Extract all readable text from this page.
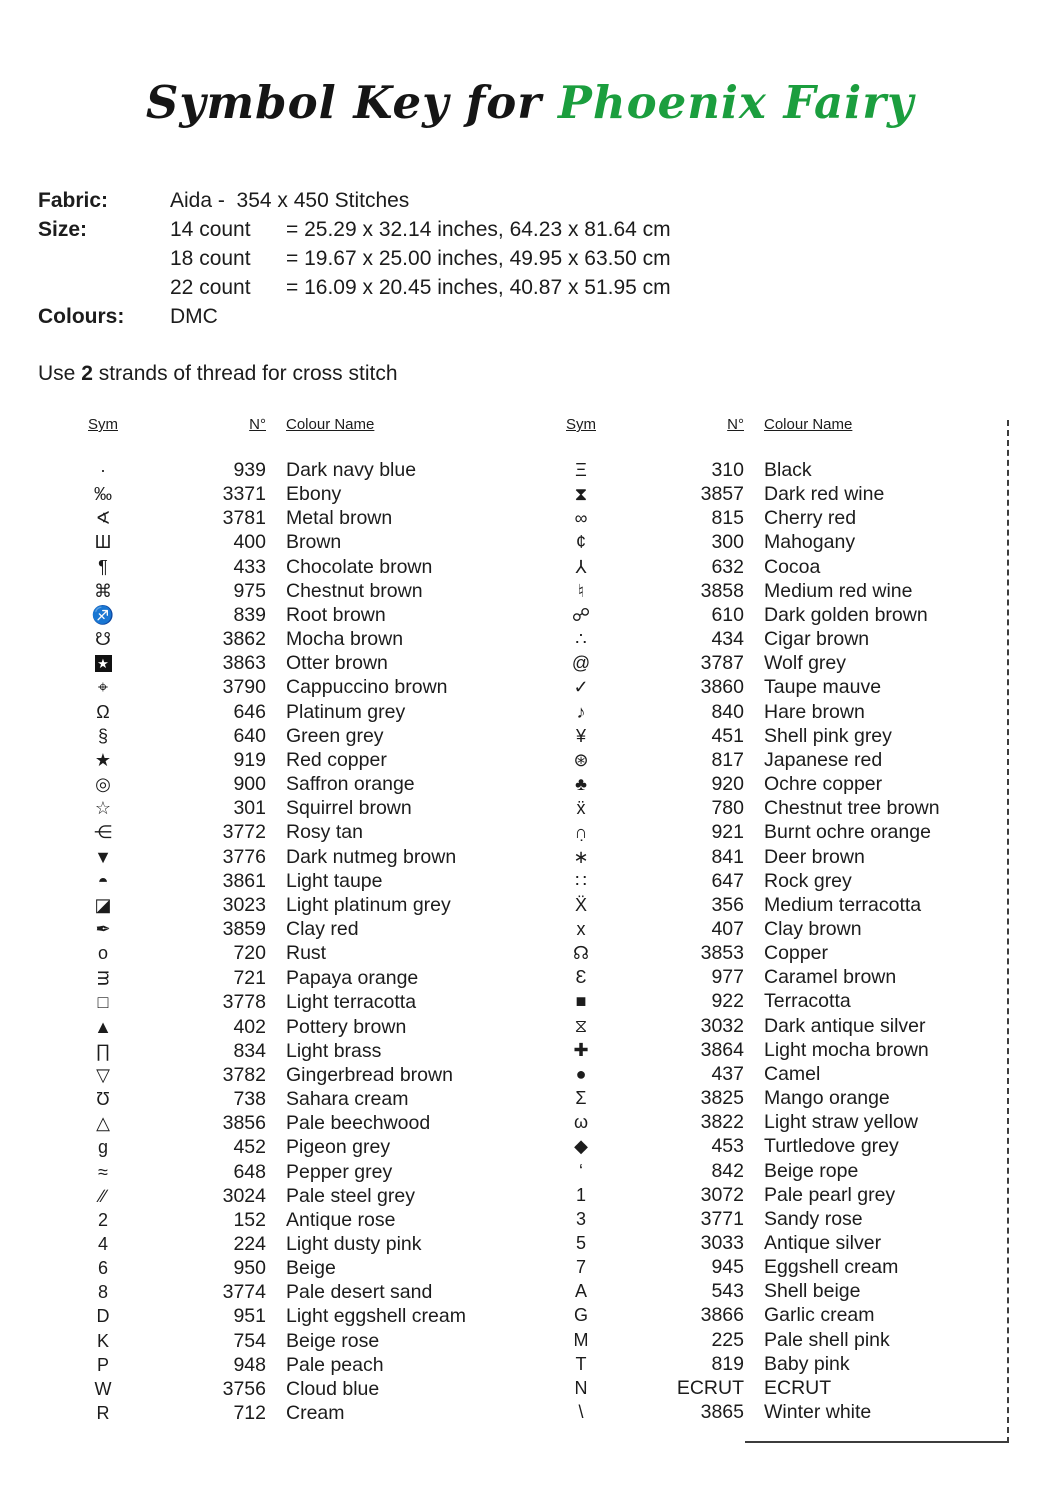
Symbol Key for Phoenix Fairy
Fabric:	Aida -  354 x 450 Stitches
Size:	14 count	= 25.29 x 32.14 inches, 64.23 x 81.64 cm
18 count	= 19.67 x 25.00 inches, 49.95 x 63.50 cm
22 count	= 16.09 x 20.45 inches, 40.87 x 51.95 cm
Colours:	DMC
Use 2 strands of thread for cross stitch
Sym	N°	Colour Name
·	939	Dark navy blue
‰	3371	Ebony
∢	3781	Metal brown
Ш	400	Brown
¶	433	Chocolate brown
⌘	975	Chestnut brown
♐	839	Root brown
☋	3862	Mocha brown
★	3863	Otter brown
⌖	3790	Cappuccino brown
Ω	646	Platinum grey
§	640	Green grey
★	919	Red copper
◎	900	Saffron orange
☆	301	Squirrel brown
⋲	3772	Rosy tan
▼	3776	Dark nutmeg brown
◓	3861	Light taupe
◪	3023	Light platinum grey
✒	3859	Clay red
o	720	Rust
m	721	Papaya orange
□	3778	Light terracotta
▲	402	Pottery brown
∏	834	Light brass
▽	3782	Gingerbread brown
Ʊ	738	Sahara cream
△	3856	Pale beechwood
g	452	Pigeon grey
≈	648	Pepper grey
∕∕	3024	Pale steel grey
2	152	Antique rose
4	224	Light dusty pink
6	950	Beige
8	3774	Pale desert sand
D	951	Light eggshell cream
K	754	Beige rose
P	948	Pale peach
W	3756	Cloud blue
R	712	Cream
Sym	N°	Colour Name
Ξ	310	Black
⧗	3857	Dark red wine
∞	815	Cherry red
¢	300	Mahogany
⅄	632	Cocoa
♮	3858	Medium red wine
☍	610	Dark golden brown
∴	434	Cigar brown
@	3787	Wolf grey
✓	3860	Taupe mauve
♪	840	Hare brown
¥	451	Shell pink grey
⊛	817	Japanese red
♣	920	Ochre copper
ẍ	780	Chestnut tree brown
∩̣	921	Burnt ochre orange
∗	841	Deer brown
∷	647	Rock grey
Ẍ	356	Medium terracotta
x	407	Clay brown
☊	3853	Copper
Ɛ	977	Caramel brown
■	922	Terracotta
⧖	3032	Dark antique silver
✚	3864	Light mocha brown
●	437	Camel
Σ	3825	Mango orange
ω	3822	Light straw yellow
◆	453	Turtledove grey
‘	842	Beige rope
1	3072	Pale pearl grey
3	3771	Sandy rose
5	3033	Antique silver
7	945	Eggshell cream
A	543	Shell beige
G	3866	Garlic cream
M	225	Pale shell pink
T	819	Baby pink
N	ECRUT	ECRUT
\	3865	Winter white
